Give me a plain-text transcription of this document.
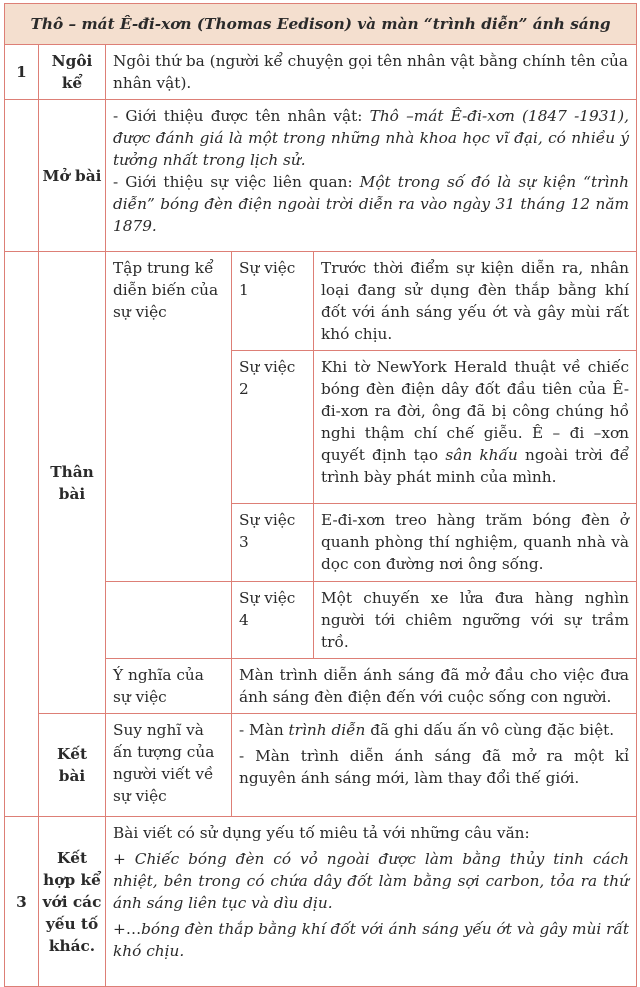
Thô – mát Ê-đi-xơn (Thomas Eedison) và màn “trình diễn” ánh sáng				
1	Ngôi kể	Ngôi thứ ba (người kể chuyện gọi tên nhân vật bằng chính tên của nhân vật).		
	Mở bài	- Giới thiệu được tên nhân vật: Thô –mát Ê-đi-xơn (1847 -1931), được đánh giá là một trong những nhà khoa học vĩ đại, có nhiều ý tưởng nhất trong lịch sử.
- Giới thiệu sự việc liên quan: Một trong số đó là sự kiện “trình diễn” bóng đèn điện ngoài trời diễn ra vào ngày 31 tháng 12 năm 1879.		
	Thân bài	Tập trung kể diễn biến của sự việc	Sự việc 1	Trước thời điểm sự kiện diễn ra, nhân loại đang sử dụng đèn thắp bằng khí đốt với ánh sáng yếu ớt và gây mùi rất khó chịu.
			Sự việc 2	Khi tờ NewYork Herald thuật về chiếc bóng đèn điện dây đốt đầu tiên của Ê-đi-xơn ra đời, ông đã bị công chúng hồ nghi thậm chí chế giễu. Ê – đi –xơn quyết định tạo sân khấu ngoài trời để trình bày phát minh của mình.
			Sự việc 3	E-đi-xơn treo hàng trăm bóng đèn ở quanh phòng thí nghiệm, quanh nhà và dọc con đường nơi ông sống.
			Sự việc 4	Một chuyến xe lửa đưa hàng nghìn người tới chiêm ngưỡng với sự trầm trồ.
		Ý nghĩa của sự việc	Màn trình diễn ánh sáng đã mở đầu cho việc đưa ánh sáng đèn điện đến với cuộc sống con người.	
	Kết bài	Suy nghĩ và ấn tượng của người viết về sự việc	- Màn trình diễn đã ghi dấu ấn vô cùng đặc biệt.

- Màn trình diễn ánh sáng đã mở ra một kỉ nguyên ánh sáng mới, làm thay đổi thế giới.	

3	Kết hợp kể với các yếu tố khác.	Bài viết có sử dụng yếu tố miêu tả với những câu văn:

+ Chiếc bóng đèn có vỏ ngoài được làm bằng thủy tinh cách nhiệt, bên trong có chứa dây đốt làm bằng sợi carbon, tỏa ra thứ ánh sáng liên tục và dìu dịu.

+…bóng đèn thắp bằng khí đốt với ánh sáng yếu ớt và gây mùi rất khó chịu.		
